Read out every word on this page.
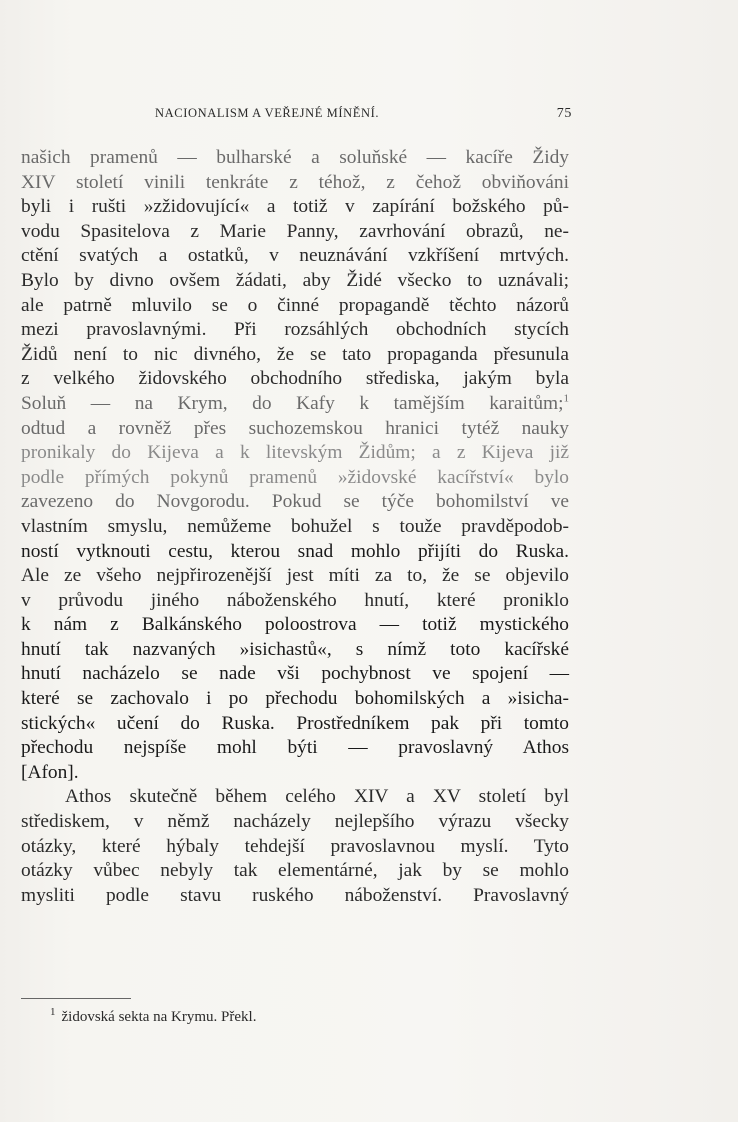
NACIONALISM A VEŘEJNÉ MÍNĚNÍ.	75
našich pramenů — bulharské a soluňské — kacíře Židy
XIV století vinili tenkráte z téhož, z čehož obviňováni
byli i rušti »zžidovující« a totiž v zapírání božského pů-
vodu Spasitelova z Marie Panny, zavrhování obrazů, ne-
ctění svatých a ostatků, v neuznávání vzkříšení mrtvých.
Bylo by divno ovšem žádati, aby Židé všecko to uznávali;
ale patrně mluvilo se o činné propagandě těchto názorů
mezi pravoslavnými. Při rozsáhlých obchodních stycích
Židů není to nic divného, že se tato propaganda přesunula
z velkého židovského obchodního střediska, jakým byla
Soluň — na Krym, do Kafy k tamějším karaitům;$^1$
odtud a rovněž přes suchozemskou hranici tytéž nauky
pronikaly do Kijeva a k litevským Židům; a z Kijeva již
podle přímých pokynů pramenů »židovské kacířství« bylo
zavezeno do Novgorodu. Pokud se týče bohomilství ve
vlastním smyslu, nemůžeme bohužel s touže pravděpodob-
ností vytknouti cestu, kterou snad mohlo přijíti do Ruska.
Ale ze všeho nejpřirozenější jest míti za to, že se objevilo
v průvodu jiného náboženského hnutí, které proniklo
k nám z Balkánského poloostrova — totiž mystického
hnutí tak nazvaných »isichastů«, s nímž toto kacířské
hnutí nacházelo se nade vši pochybnost ve spojení —
které se zachovalo i po přechodu bohomilských a »isicha-
stických« učení do Ruska. Prostředníkem pak při tomto
přechodu nejspíše mohl býti — pravoslavný Athos
[Afon].
Athos skutečně během celého XIV a XV století byl
střediskem, v němž nacházely nejlepšího výrazu všecky
otázky, které hýbaly tehdejší pravoslavnou myslí. Tyto
otázky vůbec nebyly tak elementárné, jak by se mohlo
mysliti podle stavu ruského náboženství. Pravoslavný
$^1$ židovská sekta na Krymu. Překl.
